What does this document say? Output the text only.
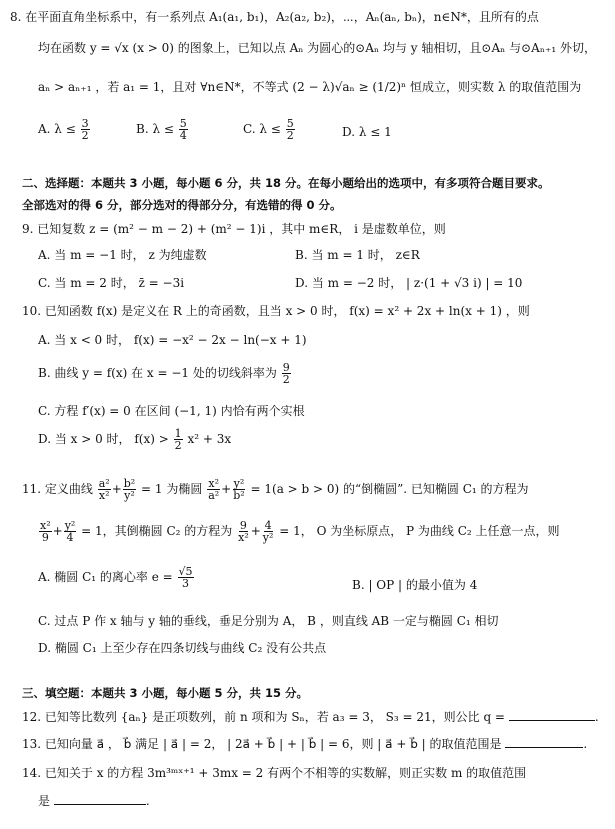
8. 在平面直角坐标系中，有一系列点 A₁(a₁, b₁)，A₂(a₂, b₂)，⋯，Aₙ(aₙ, bₙ)，n∈N*，且所有的点
均在函数 y = √x (x > 0) 的图象上，已知以点 Aₙ 为圆心的⊙Aₙ 均与 y 轴相切，且⊙Aₙ 与⊙Aₙ₊₁ 外切，
aₙ > aₙ₊₁ ，若 a₁ = 1，且对 ∀n∈N*，不等式 (2 − λ)√aₙ ≥ (1/2)ⁿ 恒成立，则实数 λ 的取值范围为
A. $\lambda \le \frac{3}{2}$	B. $\lambda \le \frac{5}{4}$	C. $\lambda \le \frac{5}{2}$	D. λ ≤ 1
二、选择题：本题共 3 小题，每小题 6 分，共 18 分。在每小题给出的选项中，有多项符合题目要求。
全部选对的得 6 分，部分选对的得部分分，有选错的得 0 分。
9. 已知复数 z = (m² − m − 2) + (m² − 1)i ，其中 m∈R， i 是虚数单位，则
A. 当 m = −1 时， z 为纯虚数	B. 当 m = 1 时， z∈R
C. 当 m = 2 时， z̄ = −3i	D. 当 m = −2 时， | z·(1 + √3 i) | = 10
10. 已知函数 f(x) 是定义在 R 上的奇函数，且当 x > 0 时， f(x) = x² + 2x + ln(x + 1) ，则
A. 当 x < 0 时， f(x) = −x² − 2x − ln(−x + 1)
B. 曲线 y = f(x) 在 x = −1 处的切线斜率为 $\frac{9}{2}$
C. 方程 f′(x) = 0 在区间 (−1, 1) 内恰有两个实根
D. 当 x > 0 时， $f(x) > \frac{1}{2} x^2 + 3x$
11. 定义曲线 $\frac{\text{a²}}{\text{x²}} + \frac{\text{b²}}{\text{y²}} = 1$ 为椭圆 $\frac{\text{x²}}{\text{a²}} + \frac{\text{y²}}{\text{b²}} = 1(a > b > 0)$ 的“倒椭圆”. 已知椭圆 C₁ 的方程为
$\frac{\text{x²}}{9} + \frac{\text{y²}}{4} = 1$，其倒椭圆 C₂ 的方程为 $\frac{9}{\text{x²}} + \frac{4}{\text{y²}} = 1$， O 为坐标原点， P 为曲线 C₂ 上任意一点，则
A. 椭圆 C₁ 的离心率 $e = \frac{√5}{3}$	B. | OP | 的最小值为 4
C. 过点 P 作 x 轴与 y 轴的垂线，垂足分别为 A， B ，则直线 AB 一定与椭圆 C₁ 相切
D. 椭圆 C₁ 上至少存在四条切线与曲线 C₂ 没有公共点
三、填空题：本题共 3 小题，每小题 5 分，共 15 分。
12. 已知等比数列 {aₙ} 是正项数列，前 n 项和为 Sₙ，若 a₃ = 3， S₃ = 21，则公比 q =	.
13. 已知向量 a⃗ ， b⃗ 满足 | a⃗ | = 2， | 2a⃗ + b⃗ | + | b⃗ | = 6，则 | a⃗ + b⃗ | 的取值范围是	.
14. 已知关于 x 的方程 3m³ᵐˣ⁺¹ + 3mx = 2 有两个不相等的实数解，则正实数 m 的取值范围
是	.
